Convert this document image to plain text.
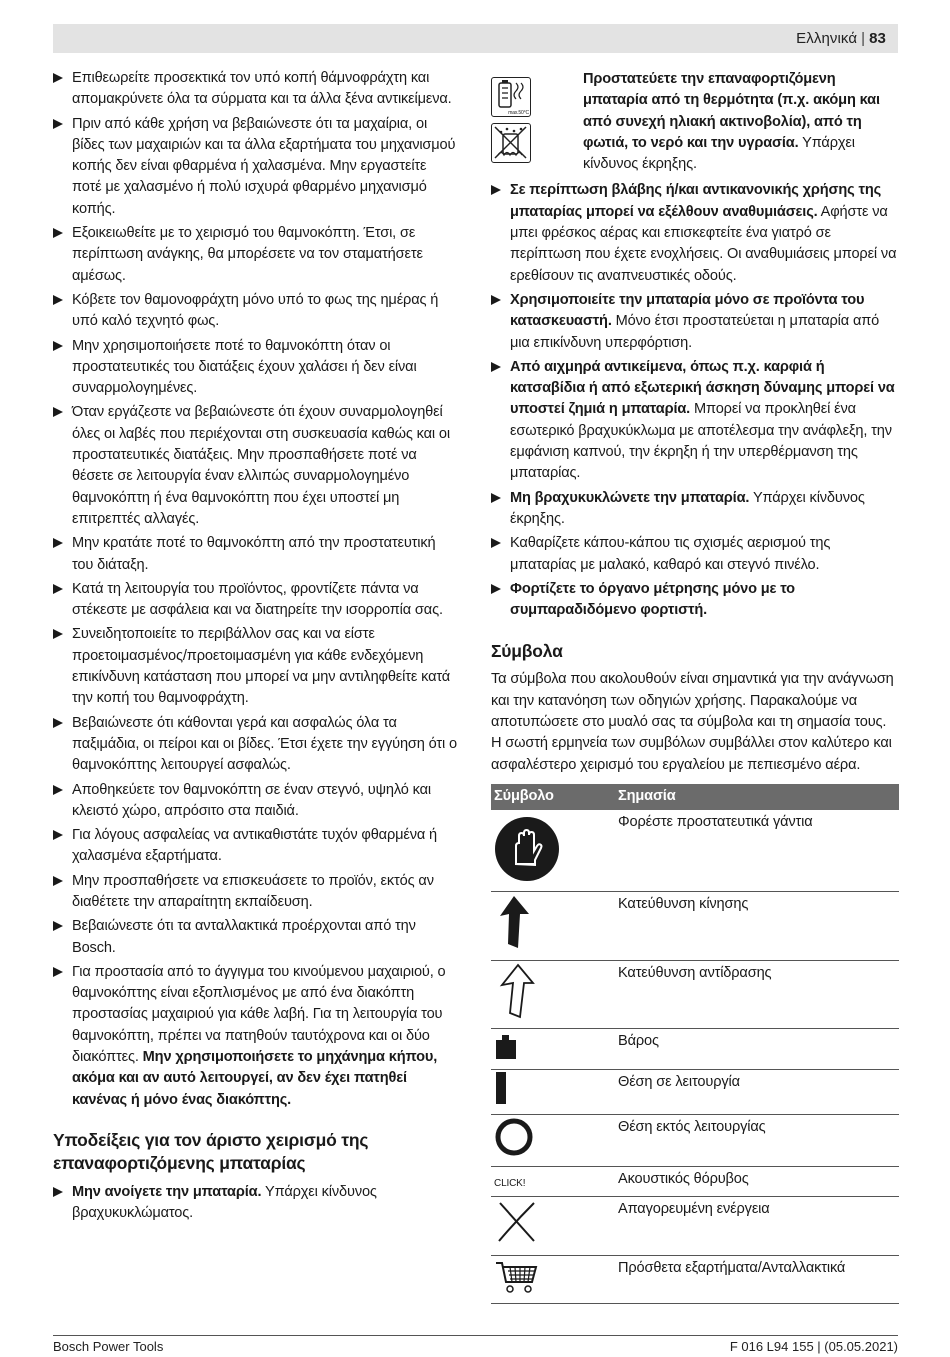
Ελληνικά | 83
Επιθεωρείτε προσεκτικά τον υπό κοπή θάμνοφράχτη και απομακρύνετε όλα τα σύρματα και τα άλλα ξένα αντικείμενα.
Πριν από κάθε χρήση να βεβαιώνεστε ότι τα μαχαίρια, οι βίδες των μαχαιριών και τα άλλα εξαρτήματα του μηχανισμού κοπής δεν είναι φθαρμένα ή χαλασμένα. Μην εργαστείτε ποτέ με χαλασμένο ή πολύ ισχυρά φθαρμένο μηχανισμό κοπής.
Εξοικειωθείτε με το χειρισμό του θαμνοκόπτη. Έτσι, σε περίπτωση ανάγκης, θα μπορέσετε να τον σταματήσετε αμέσως.
Κόβετε τον θαμονοφράχτη μόνο υπό το φως της ημέρας ή υπό καλό τεχνητό φως.
Μην χρησιμοποιήσετε ποτέ το θαμνοκόπτη όταν οι προστατευτικές του διατάξεις έχουν χαλάσει ή δεν είναι συναρμολογημένες.
Όταν εργάζεστε να βεβαιώνεστε ότι έχουν συναρμολογηθεί όλες οι λαβές που περιέχονται στη συσκευασία καθώς και οι προστατευτικές διατάξεις. Μην προσπαθήσετε ποτέ να θέσετε σε λειτουργία έναν ελλιπώς συναρμολογημένο θαμνοκόπτη ή ένα θαμνοκόπτη που έχει υποστεί μη επιτρεπτές αλλαγές.
Μην κρατάτε ποτέ το θαμνοκόπτη από την προστατευτική του διάταξη.
Κατά τη λειτουργία του προϊόντος, φροντίζετε πάντα να στέκεστε με ασφάλεια και να διατηρείτε την ισορροπία σας.
Συνειδητοποιείτε το περιβάλλον σας και να είστε προετοιμασμένος/προετοιμασμένη για κάθε ενδεχόμενη επικίνδυνη κατάσταση που μπορεί να μην αντιληφθείτε κατά την κοπή του θαμνοφράχτη.
Βεβαιώνεστε ότι κάθονται γερά και ασφαλώς όλα τα παξιμάδια, οι πείροι και οι βίδες. Έτσι έχετε την εγγύηση ότι ο θαμνοκόπτης λειτουργεί ασφαλώς.
Αποθηκεύετε τον θαμνοκόπτη σε έναν στεγνό, υψηλό και κλειστό χώρο, απρόσιτο στα παιδιά.
Για λόγους ασφαλείας να αντικαθιστάτε τυχόν φθαρμένα ή χαλασμένα εξαρτήματα.
Μην προσπαθήσετε να επισκευάσετε το προϊόν, εκτός αν διαθέτετε την απαραίτητη εκπαίδευση.
Βεβαιώνεστε ότι τα ανταλλακτικά προέρχονται από την Bosch.
Για προστασία από το άγγιγμα του κινούμενου μαχαιριού, ο θαμνοκόπτης είναι εξοπλισμένος με από ένα διακόπτη προστασίας μαχαιριού για κάθε λαβή. Για τη λειτουργία του θαμνοκόπτη, πρέπει να πατηθούν ταυτόχρονα και οι δύο διακόπτες. Μην χρησιμοποιήσετε το μηχάνημα κήπου, ακόμα και αν αυτό λειτουργεί, αν δεν έχει πατηθεί κανένας ή μόνο ένας διακόπτης.
Υποδείξεις για τον άριστο χειρισμό της επαναφορτιζόμενης μπαταρίας
Μην ανοίγετε την μπαταρία. Υπάρχει κίνδυνος βραχυκυκλώματος.
max.50°C
Προστατεύετε την επαναφορτιζόμενη μπαταρία από τη θερμότητα (π.χ. ακόμη και από συνεχή ηλιακή ακτινοβολία), από τη φωτιά, το νερό και την υγρασία. Υπάρχει κίνδυνος έκρηξης.
Σε περίπτωση βλάβης ή/και αντικανονικής χρήσης της μπαταρίας μπορεί να εξέλθουν αναθυμιάσεις. Αφήστε να μπει φρέσκος αέρας και επισκεφτείτε ένα γιατρό σε περίπτωση που έχετε ενοχλήσεις. Οι αναθυμιάσεις μπορεί να ερεθίσουν τις αναπνευστικές οδούς.
Χρησιμοποιείτε την μπαταρία μόνο σε προϊόντα του κατασκευαστή. Μόνο έτσι προστατεύεται η μπαταρία από μια επικίνδυνη υπερφόρτιση.
Από αιχμηρά αντικείμενα, όπως π.χ. καρφιά ή κατσαβίδια ή από εξωτερική άσκηση δύναμης μπορεί να υποστεί ζημιά η μπαταρία. Μπορεί να προκληθεί ένα εσωτερικό βραχυκύκλωμα με αποτέλεσμα την ανάφλεξη, την εμφάνιση καπνού, την έκρηξη ή την υπερθέρμανση της μπαταρίας.
Μη βραχυκυκλώνετε την μπαταρία. Υπάρχει κίνδυνος έκρηξης.
Καθαρίζετε κάπου-κάπου τις σχισμές αερισμού της μπαταρίας με μαλακό, καθαρό και στεγνό πινέλο.
Φορτίζετε το όργανο μέτρησης μόνο με το συμπαραδιδόμενο φορτιστή.
Σύμβολα
Τα σύμβολα που ακολουθούν είναι σημαντικά για την ανάγνωση και την κατανόηση των οδηγιών χρήσης. Παρακαλούμε να αποτυπώσετε στο μυαλό σας τα σύμβολα και τη σημασία τους. Η σωστή ερμηνεία των συμβόλων συμβάλλει στον καλύτερο και ασφαλέστερο χειρισμό του εργαλείου με πεπιεσμένο αέρα.
Σύμβολο	Σημασία

	Φορέστε προστατευτικά γάντια

	Κατεύθυνση κίνησης

	Κατεύθυνση αντίδρασης

	Βάρος

	Θέση σε λειτουργία

	Θέση εκτός λειτουργίας

CLICK!	Ακουστικός θόρυβος

	Απαγορευμένη ενέργεια

	Πρόσθετα εξαρτήματα/Ανταλλακτικά
Bosch Power Tools	F 016 L94 155 | (05.05.2021)
